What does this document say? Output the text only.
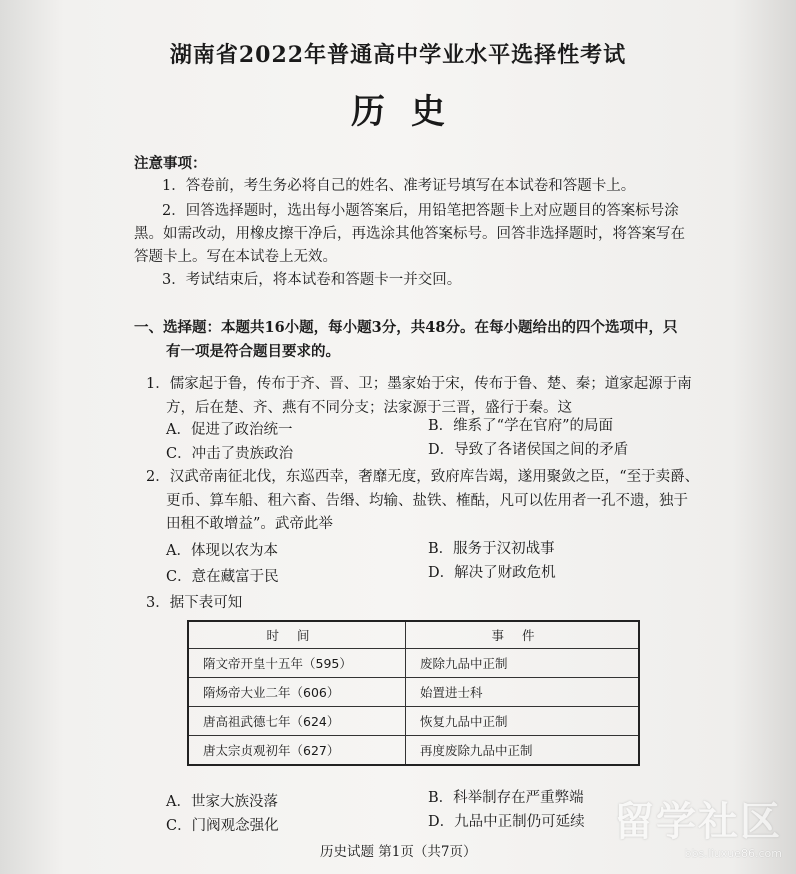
湖南省2022年普通高中学业水平选择性考试
历史
注意事项：
1．答卷前，考生务必将自己的姓名、准考证号填写在本试卷和答题卡上。
2．回答选择题时，选出每小题答案后，用铅笔把答题卡上对应题目的答案标号涂
黑。如需改动，用橡皮擦干净后，再选涂其他答案标号。回答非选择题时，将答案写在
答题卡上。写在本试卷上无效。
3．考试结束后，将本试卷和答题卡一并交回。
一、选择题：本题共16小题，每小题3分，共48分。在每小题给出的四个选项中，只
有一项是符合题目要求的。
1．儒家起于鲁，传布于齐、晋、卫；墨家始于宋，传布于鲁、楚、秦；道家起源于南
方，后在楚、齐、燕有不同分支；法家源于三晋，盛行于秦。这
A．促进了政治统一	B．维系了“学在官府”的局面
C．冲击了贵族政治	D．导致了各诸侯国之间的矛盾
2．汉武帝南征北伐，东巡西幸，奢靡无度，致府库告竭，遂用聚敛之臣，“至于卖爵、
更币、算车船、租六畜、告缗、均输、盐铁、榷酤，凡可以佐用者一孔不遗，独于
田租不敢增益”。武帝此举
A．体现以农为本	B．服务于汉初战事
C．意在藏富于民	D．解决了财政危机
3．据下表可知
时间	事件
隋文帝开皇十五年（595）	废除九品中正制
隋炀帝大业二年（606）	始置进士科
唐高祖武德七年（624）	恢复九品中正制
唐太宗贞观初年（627）	再度废除九品中正制
A．世家大族没落	B．科举制存在严重弊端
C．门阀观念强化	D．九品中正制仍可延续
历史试题 第1页（共7页）
留学社区
bbs.liuxue86.com
